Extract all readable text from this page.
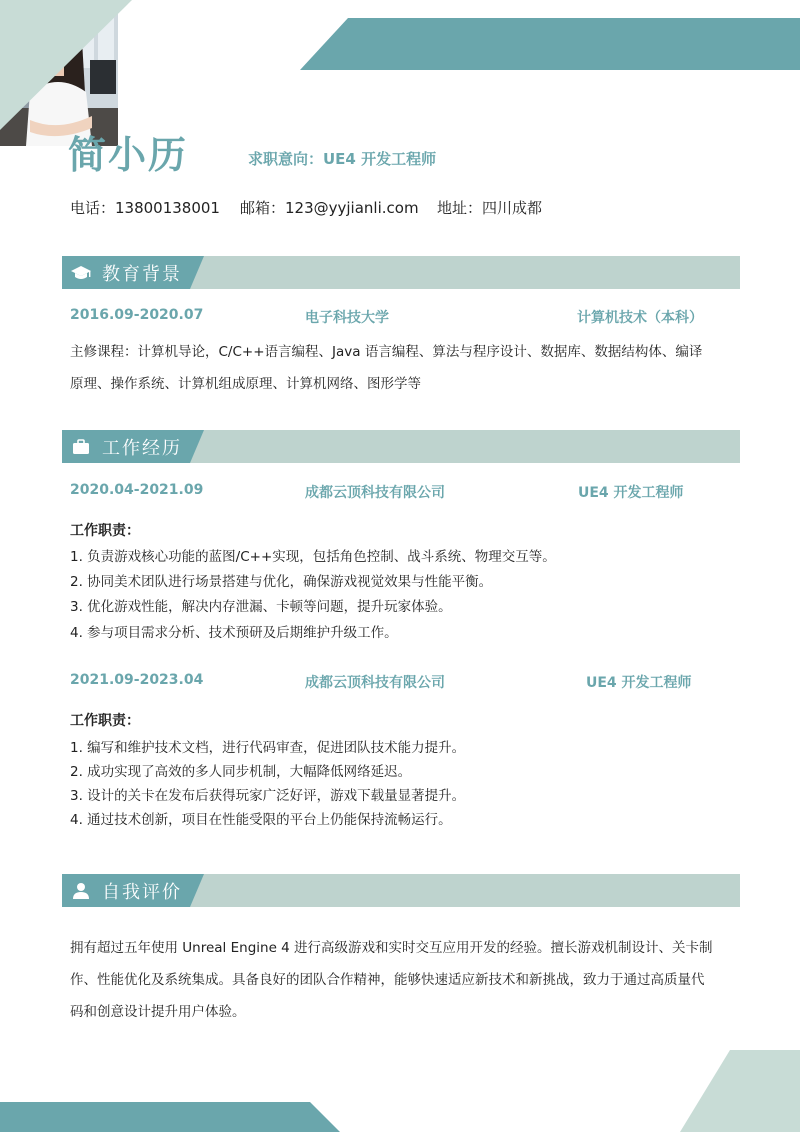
简小历	求职意向：UE4 开发工程师
电话：13800138001 邮箱：123@yyjianli.com 地址：四川成都
教育背景
2016.09-2020.07	电子科技大学	计算机技术（本科）
主修课程：计算机导论，C/C++语言编程、Java 语言编程、算法与程序设计、数据库、数据结构体、编译
原理、操作系统、计算机组成原理、计算机网络、图形学等
工作经历
2020.04-2021.09	成都云顶科技有限公司	UE4 开发工程师
工作职责：
1. 负责游戏核心功能的蓝图/C++实现，包括角色控制、战斗系统、物理交互等。
2. 协同美术团队进行场景搭建与优化，确保游戏视觉效果与性能平衡。
3. 优化游戏性能，解决内存泄漏、卡顿等问题，提升玩家体验。
4. 参与项目需求分析、技术预研及后期维护升级工作。
2021.09-2023.04	成都云顶科技有限公司	UE4 开发工程师
工作职责：
1. 编写和维护技术文档，进行代码审查，促进团队技术能力提升。
2. 成功实现了高效的多人同步机制，大幅降低网络延迟。
3. 设计的关卡在发布后获得玩家广泛好评，游戏下载量显著提升。
4. 通过技术创新，项目在性能受限的平台上仍能保持流畅运行。
自我评价
拥有超过五年使用 Unreal Engine 4 进行高级游戏和实时交互应用开发的经验。擅长游戏机制设计、关卡制
作、性能优化及系统集成。具备良好的团队合作精神，能够快速适应新技术和新挑战，致力于通过高质量代
码和创意设计提升用户体验。
